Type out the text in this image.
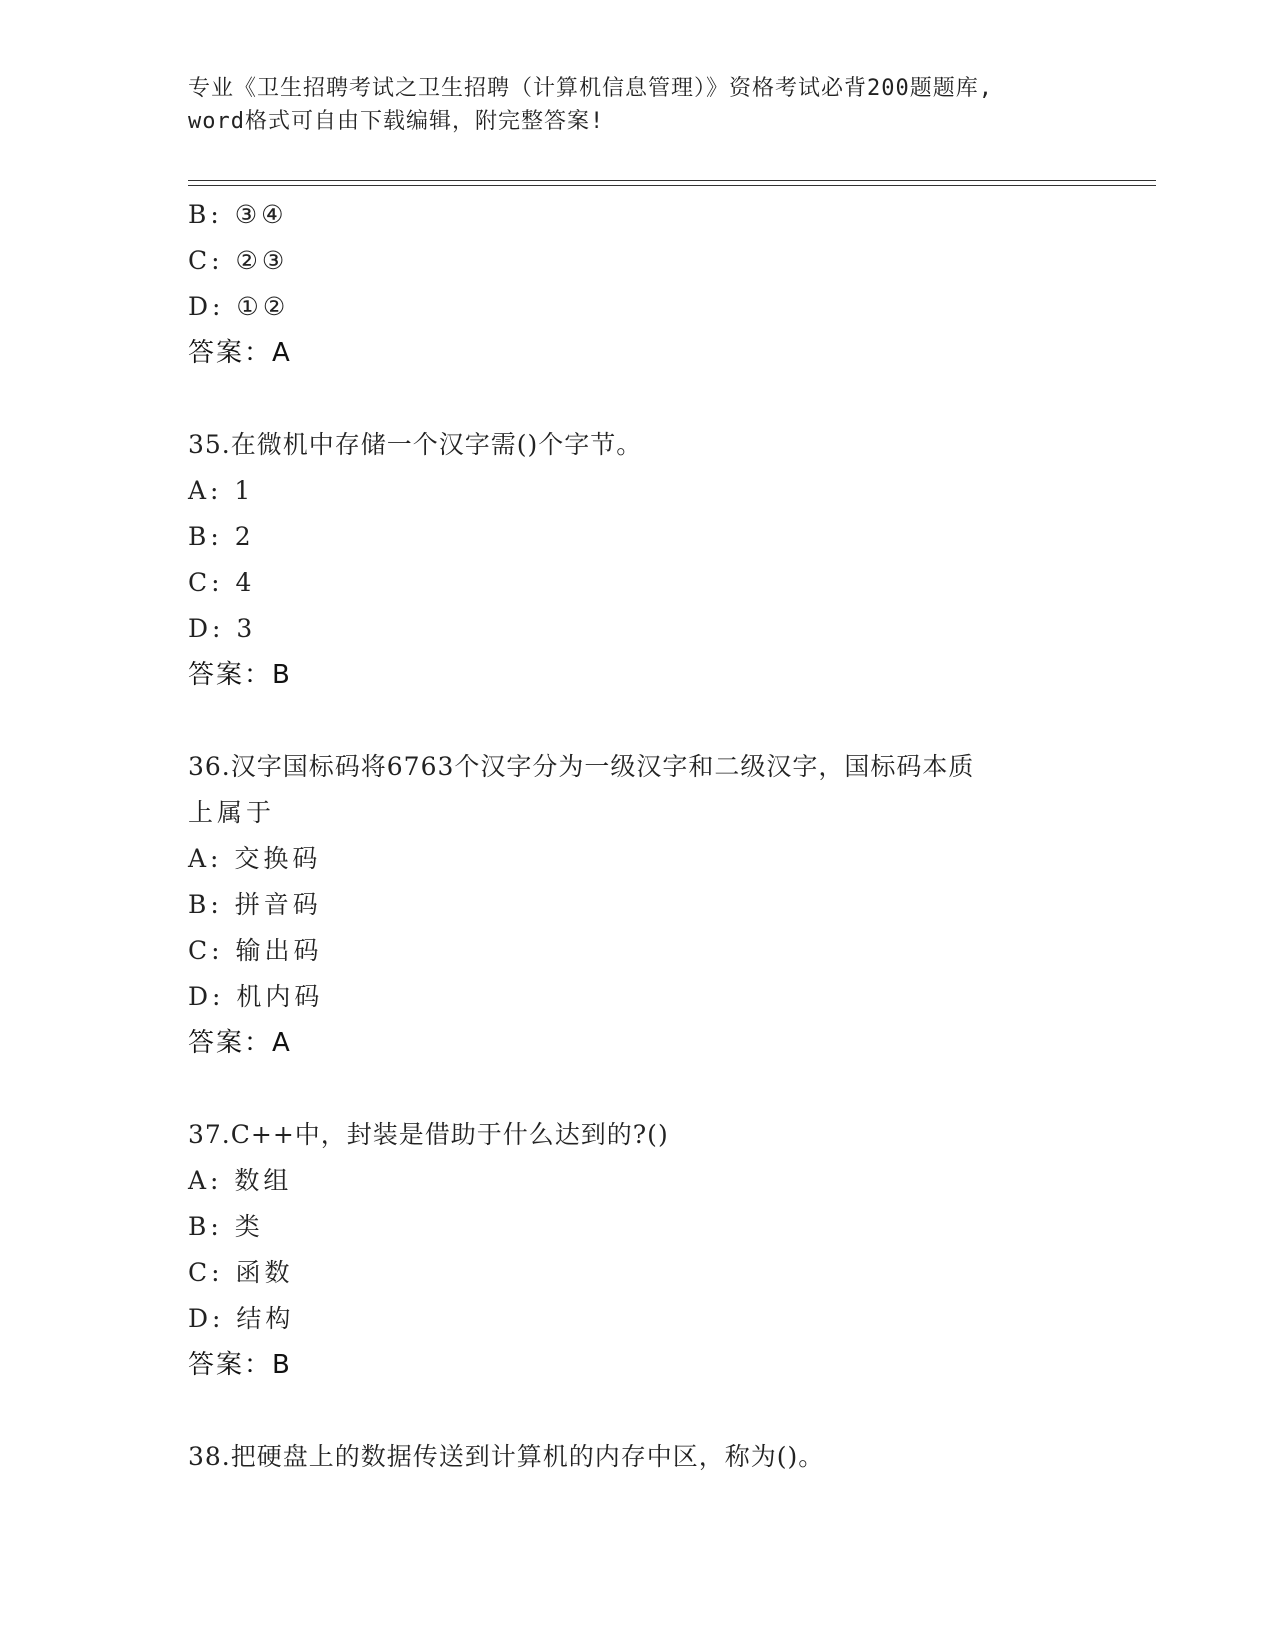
专业《卫生招聘考试之卫生招聘（计算机信息管理）》资格考试必背200题题库,
word格式可自由下载编辑，附完整答案!
B: ③④
C: ②③
D: ①②
答案：A
35.在微机中存储一个汉字需()个字节。
A: 1
B: 2
C: 4
D: 3
答案：B
36.汉字国标码将6763个汉字分为一级汉字和二级汉字，国标码本质
上属于
A: 交换码
B: 拼音码
C: 输出码
D: 机内码
答案：A
37.C++中，封装是借助于什么达到的?()
A: 数组
B: 类
C: 函数
D: 结构
答案：B
38.把硬盘上的数据传送到计算机的内存中区，称为()。
